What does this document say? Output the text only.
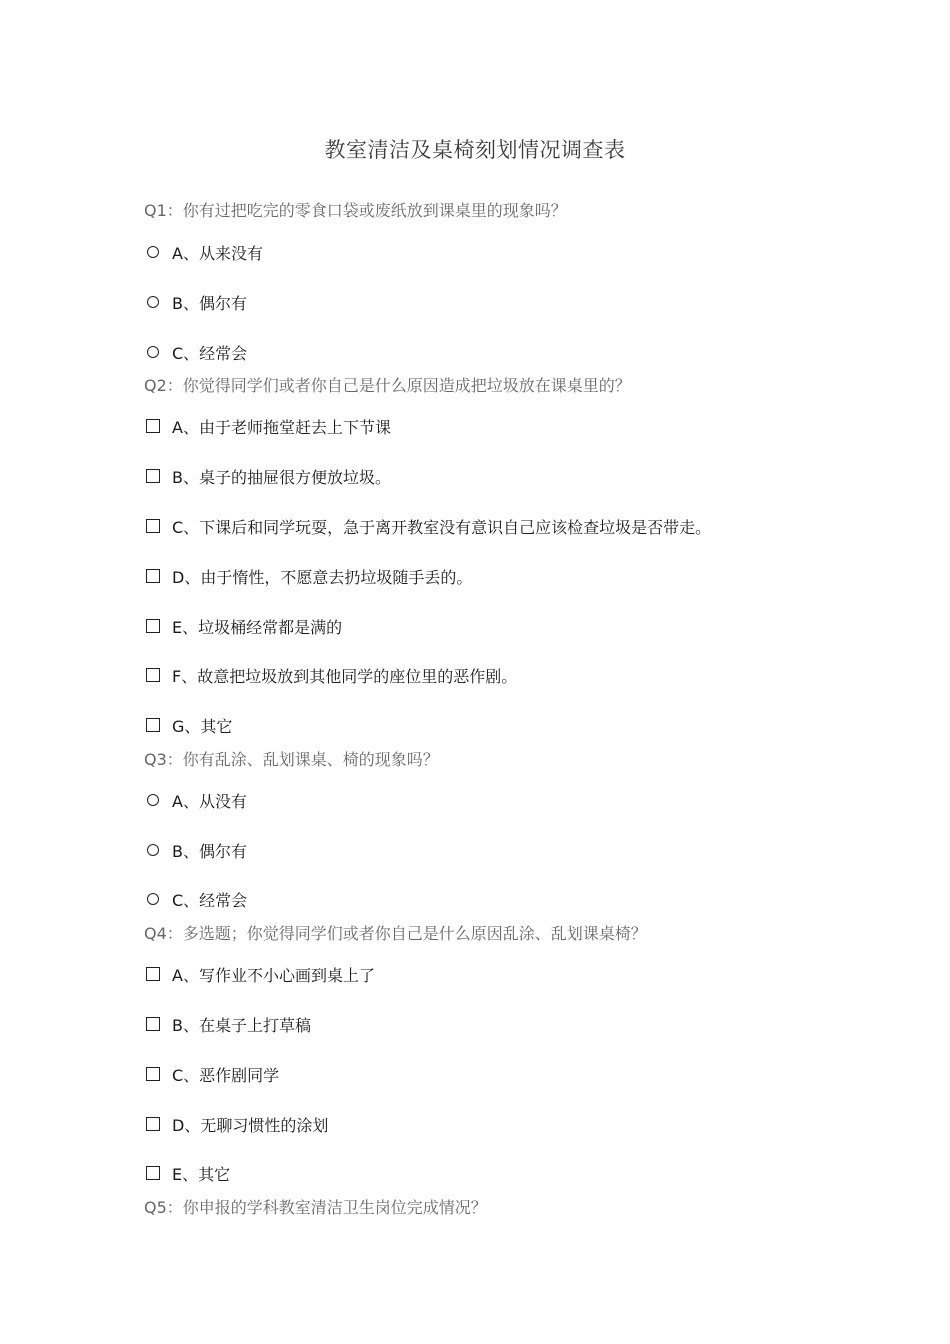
教室清洁及桌椅刻划情况调查表
Q1：你有过把吃完的零食口袋或废纸放到课桌里的现象吗？
A、从来没有
B、偶尔有
C、经常会
Q2：你觉得同学们或者你自己是什么原因造成把垃圾放在课桌里的？
A、由于老师拖堂赶去上下节课
B、桌子的抽屉很方便放垃圾。
C、下课后和同学玩耍，急于离开教室没有意识自己应该检查垃圾是否带走。
D、由于惰性，不愿意去扔垃圾随手丢的。
E、垃圾桶经常都是满的
F、故意把垃圾放到其他同学的座位里的恶作剧。
G、其它
Q3：你有乱涂、乱划课桌、椅的现象吗？
A、从没有
B、偶尔有
C、经常会
Q4：多选题；你觉得同学们或者你自己是什么原因乱涂、乱划课桌椅？
A、写作业不小心画到桌上了
B、在桌子上打草稿
C、恶作剧同学
D、无聊习惯性的涂划
E、其它
Q5：你申报的学科教室清洁卫生岗位完成情况？
